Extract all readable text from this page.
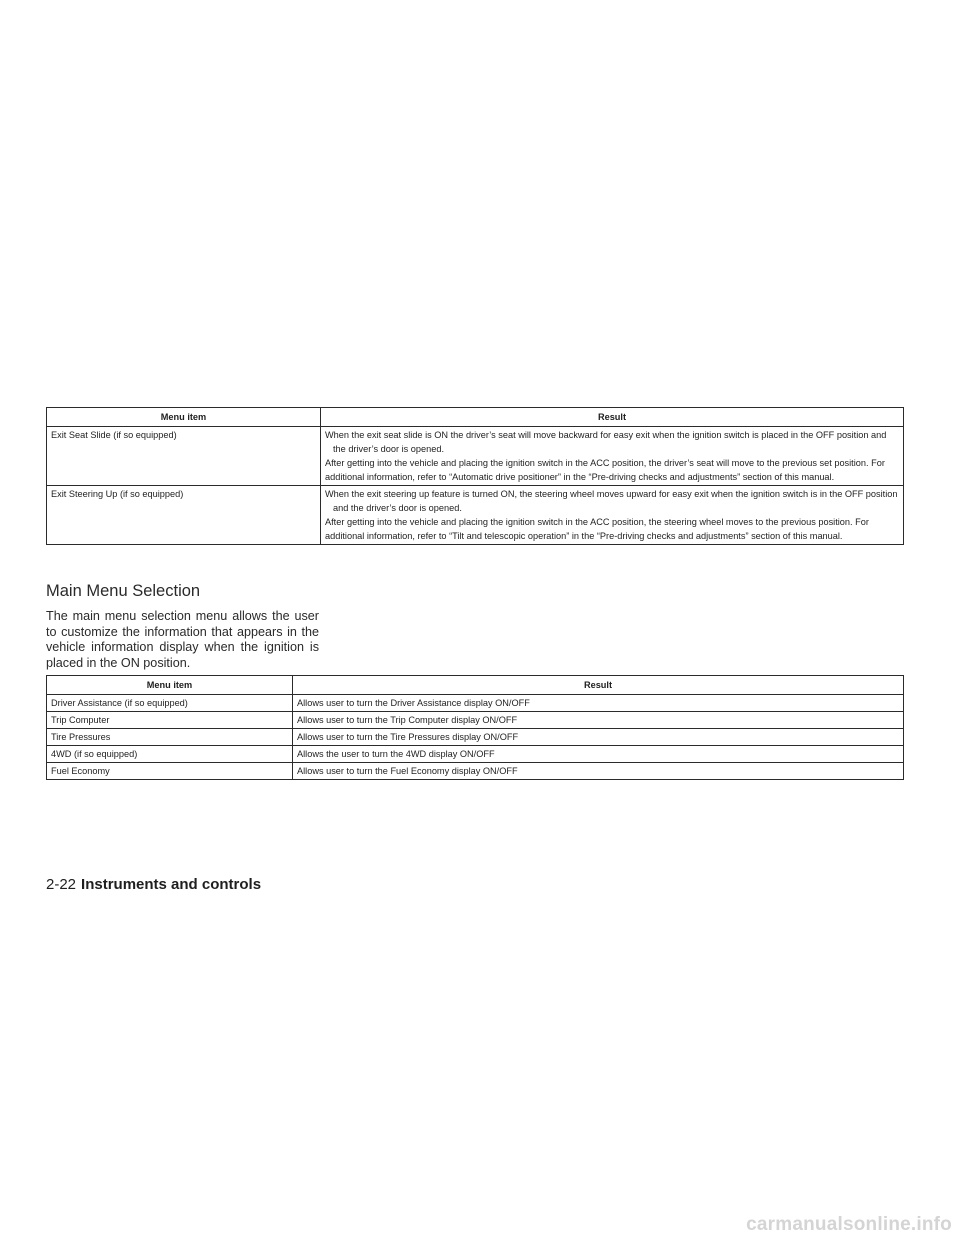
Menu item	Result
Exit Seat Slide (if so equipped)	When the exit seat slide is ON the driver’s seat will move backward for easy exit when the ignition switch is placed in the OFF position and the driver’s door is opened.

After getting into the vehicle and placing the ignition switch in the ACC position, the driver’s seat will move to the previous set position. For additional information, refer to “Automatic drive positioner” in the “Pre-driving checks and adjustments” section of this manual.

Exit Steering Up (if so equipped)	When the exit steering up feature is turned ON, the steering wheel moves upward for easy exit when the ignition switch is in the OFF position and the driver’s door is opened.

After getting into the vehicle and placing the ignition switch in the ACC position, the steering wheel moves to the previous position. For additional information, refer to “Tilt and telescopic operation” in the “Pre-driving checks and adjustments” section of this manual.

Main Menu Selection

The main menu selection menu allows the user to customize the information that appears in the vehicle information display when the ignition is placed in the ON position.

Menu item	Result
Driver Assistance (if so equipped)	Allows user to turn the Driver Assistance display ON/OFF
Trip Computer	Allows user to turn the Trip Computer display ON/OFF
Tire Pressures	Allows user to turn the Tire Pressures display ON/OFF
4WD (if so equipped)	Allows the user to turn the 4WD display ON/OFF
Fuel Economy	Allows user to turn the Fuel Economy display ON/OFF
2-22 Instruments and controls
carmanualsonline.info
